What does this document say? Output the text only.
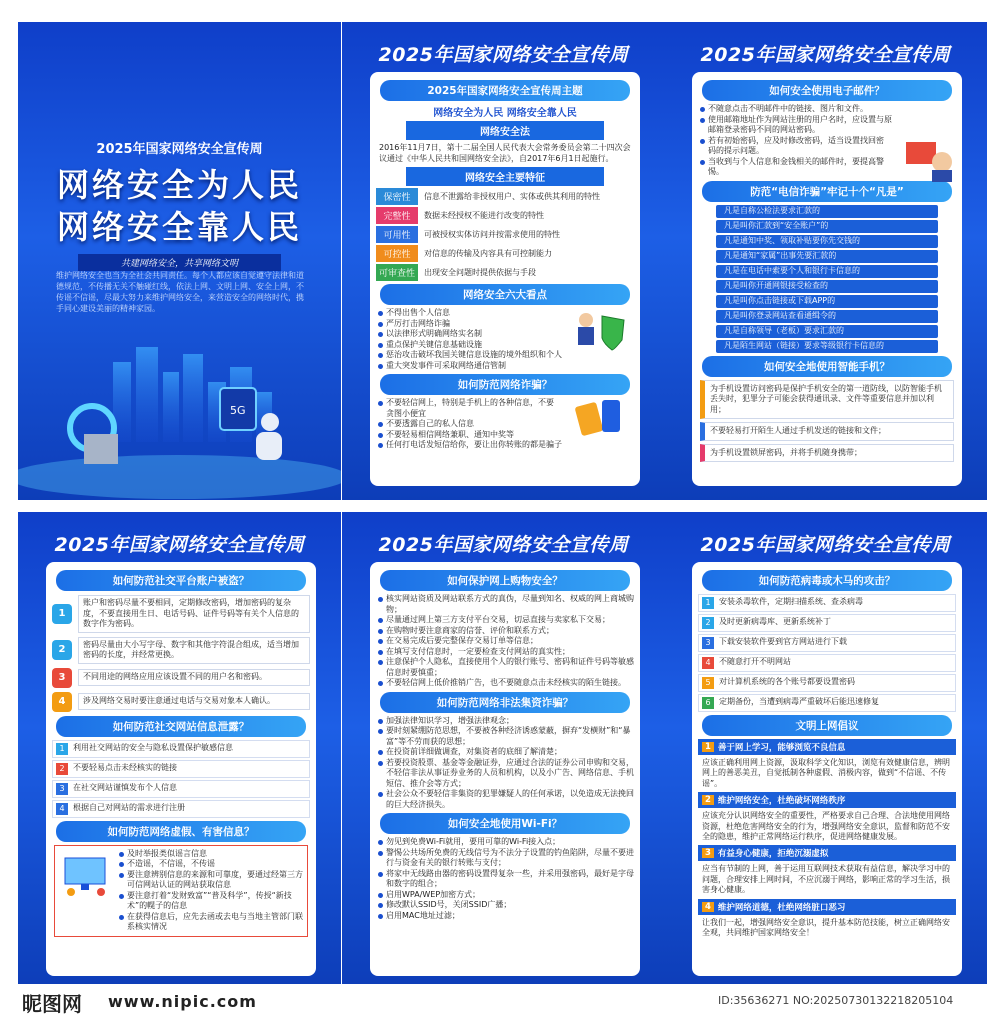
2025年国家网络安全宣传周
网络安全为人民
网络安全靠人民
共建网络安全，共享网络文明
维护网络安全也当为全社会共同责任。每个人都应该自觉遵守法律和道德规范，不传播无关不触碰红线，依法上网、文明上网、安全上网，不传谣不信谣，尽最大努力来维护网络安全，来营造安全的网络时代，携手同心建设美丽的精神家园。
5G
2025年国家网络安全宣传周
2025年国家网络安全宣传周主题
网络安全为人民 网络安全靠人民
网络安全法
2016年11月7日，第十二届全国人民代表大会常务委员会第二十四次会议通过《中华人民共和国网络安全法》，自2017年6月1日起施行。
网络安全主要特征
保密性	信息不泄露给非授权用户、实体或供其利用的特性
完整性	数据未经授权不能进行改变的特性
可用性	可被授权实体访问并按需求使用的特性
可控性	对信息的传输及内容具有可控制能力
可审查性	出现安全问题时提供依据与手段
网络安全六大看点
不得出售个人信息
严厉打击网络诈骗
以法律形式明确网络实名制
重点保护关键信息基础设施
惩治攻击破坏我国关键信息设施的境外组织和个人
重大突发事件可采取网络通信管制
如何防范网络诈骗？
不要轻信网上，特别是手机上的各种信息，不要贪图小便宜
不要透露自己的私人信息
不要轻易相信网络兼职、通知中奖等
任何打电话发短信给你，要让出你转账的都是骗子
2025年国家网络安全宣传周
如何安全使用电子邮件？
不随意点击不明邮件中的链接、图片和文件。
使用邮箱地址作为网站注册的用户名时，应设置与原邮箱登录密码不同的网站密码。
若有初始密码，应及时修改密码，适当设置找回密码的提示问题。
当收到与个人信息和金钱相关的邮件时，要提高警惕。
防范“电信诈骗”牢记十个“凡是”
凡是自称公检法要求汇款的
凡是叫你汇款到“安全账户”的
凡是通知中奖、领取补贴要你先交钱的
凡是通知“家属”出事先要汇款的
凡是在电话中索要个人和银行卡信息的
凡是叫你开通网银接受检查的
凡是叫你点击链接或下载APP的
凡是叫你登录网站查看通缉令的
凡是自称领导（老板）要求汇款的
凡是陌生网站（链接）要求等级银行卡信息的
如何安全地使用智能手机？
为手机设置访问密码是保护手机安全的第一道防线，以防智能手机丢失时，犯罪分子可能会获得通讯录、文件等重要信息并加以利用；
不要轻易打开陌生人通过手机发送的链接和文件；
为手机设置锁屏密码，并将手机随身携带；
2025年国家网络安全宣传周
如何防范社交平台账户被盗？
1
账户和密码尽量不要相同，定期修改密码，增加密码的复杂度，不要直接用生日、电话号码、证件号码等有关个人信息的数字作为密码。
2	密码尽量由大小写字母、数字和其他字符混合组成，适当增加密码的长度，并经常更换。
3	不同用途的网络应用应该设置不同的用户名和密码。
4	涉及网络交易时要注意通过电话与交易对象本人确认。
如何防范社交网站信息泄露？
1	利用社交网站的安全与隐私设置保护敏感信息
2	不要轻易点击未经核实的链接
3	在社交网站谨慎发布个人信息
4	根据自己对网站的需求进行注册
如何防范网络虚假、有害信息？
及时举报类似谣言信息
不造谣，不信谣，不传谣
要注意辨别信息的来源和可靠度，要通过经第三方可信网站认证的网站获取信息
要注意打着“发财致富”“普及科学”，传授“新技术”的幌子的信息
在获得信息后，应先去函或去电与当地主管部门联系核实情况
2025年国家网络安全宣传周
如何保护网上购物安全？
核实网站资质及网站联系方式的真伪，尽量到知名、权威的网上商城购物；
尽量通过网上第三方支付平台交易，切忌直接与卖家私下交易；
在购物时要注意商家的信誉、评价和联系方式；
在交易完成后要完整保存交易订单等信息；
在填写支付信息时，一定要检查支付网站的真实性；
注意保护个人隐私，直接使用个人的银行账号、密码和证件号码等敏感信息时要慎重；
不要轻信网上低价推销广告，也不要随意点击未经核实的陌生链接。
如何防范网络非法集资诈骗？
加强法律知识学习，增强法律观念；
要时刻紧绷防范思想，不要被各种经济诱惑蒙蔽，摒弃“发横财”和“暴富”等不劳而获的思想；
在投资前详细做调查，对集资者的底细了解清楚；
若要投资股票、基金等金融证券，应通过合法的证券公司申购和交易，不轻信非法从事证券业务的人员和机构，以及小广告、网络信息、手机短信、推介会等方式；
社会公众不要轻信非集资的犯罪嫌疑人的任何承诺，以免造成无法挽回的巨大经济损失。
如何安全地使用Wi-Fi？
勿见到免费Wi-Fi就用，要用可靠的Wi-Fi接入点；
警惕公共场所免费的无线信号为不法分子设置的钓鱼陷阱，尽量不要进行与资金有关的银行转账与支付；
将家中无线路由器的密码设置得复杂一些，并采用强密码，最好是字母和数字的组合；
启用WPA/WEP加密方式；
修改默认SSID号，关闭SSID广播；
启用MAC地址过滤；
2025年国家网络安全宣传周
如何防范病毒或木马的攻击？
1	安装杀毒软件，定期扫描系统、查杀病毒
2	及时更新病毒库、更新系统补丁
3	下载安装软件要到官方网站进行下载
4	不随意打开不明网站
5	对计算机系统的各个账号都要设置密码
6	定期备份，当遭到病毒严重破坏后能迅速修复
文明上网倡议
1 善于网上学习，能够浏览不良信息
应该正确利用网上资源，汲取科学文化知识，浏览有效健康信息，辨明网上的善恶美丑，自觉抵制各种虚假、消极内容，做到“不信谣、不传谣”。
2 维护网络安全，杜绝破坏网络秩序
应该充分认识网络安全的重要性，严格要求自己合理、合法地使用网络资源，杜绝危害网络安全的行为，增强网络安全意识，监督和防范不安全的隐患，维护正常网络运行秩序，促进网络健康发展。
3 有益身心健康，拒绝沉溺虚拟
应当有节制的上网，善于运用互联网技术获取有益信息，解决学习中的问题，合理安排上网时间，不应沉溺于网络，影响正常的学习生活，损害身心健康。
4 维护网络道德，杜绝网络脏口恶习
让我们一起，增强网络安全意识，提升基本防范技能，树立正确网络安全观，共同维护国家网络安全！
昵图网 www.nipic.com	ID:35636271 NO:20250730132218205104
